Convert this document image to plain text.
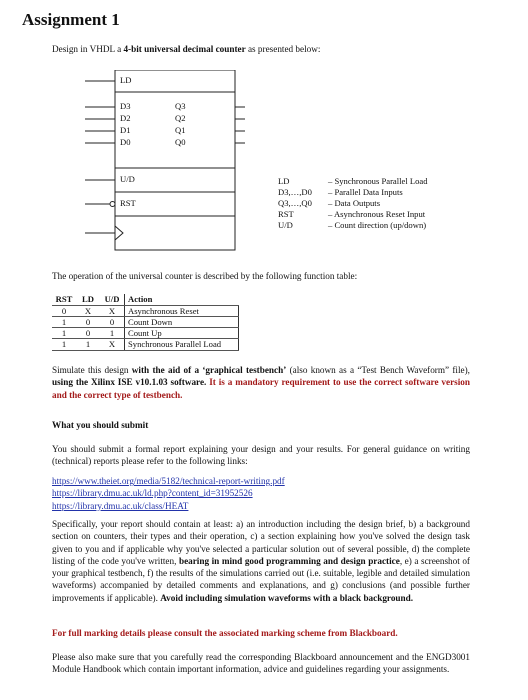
Assignment 1
Design in VHDL a 4-bit universal decimal counter as presented below:
LD
D3
D2
D1
D0
U/D
RST
Q3
Q2
Q1
Q0
LD	– Synchronous Parallel Load
D3,…,D0 – Parallel Data Inputs
Q3,…,Q0 – Data Outputs
RST	– Asynchronous Reset Input
U/D	– Count direction (up/down)
The operation of the universal counter is described by the following function table:
RST	LD	U/D	Action
0	X	X	Asynchronous Reset
1	0	0	Count Down
1	0	1	Count Up
1	1	X	Synchronous Parallel Load
Simulate this design with the aid of a ‘graphical testbench’ (also known as a “Test Bench Waveform” file), using the Xilinx ISE v10.1.03 software. It is a mandatory requirement to use the correct software version and the correct type of testbench.
What you should submit
You should submit a formal report explaining your design and your results. For general guidance on writing (technical) reports please refer to the following links:
https://www.theiet.org/media/5182/technical-report-writing.pdf
https://library.dmu.ac.uk/ld.php?content_id=31952526
https://library.dmu.ac.uk/class/HEAT
Specifically, your report should contain at least: a) an introduction including the design brief, b) a background section on counters, their types and their operation, c) a section explaining how you've solved the design task given to you and if applicable why you've selected a particular solution out of several possible, d) the complete listing of the code you've written, bearing in mind good programming and design practice, e) a screenshot of your graphical testbench, f) the results of the simulations carried out (i.e. suitable, legible and detailed simulation waveforms) accompanied by detailed comments and explanations, and g) conclusions (and possible further improvements if applicable). Avoid including simulation waveforms with a black background.
For full marking details please consult the associated marking scheme from Blackboard.
Please also make sure that you carefully read the corresponding Blackboard announcement and the ENGD3001 Module Handbook which contain important information, advice and guidelines regarding your assignments.
